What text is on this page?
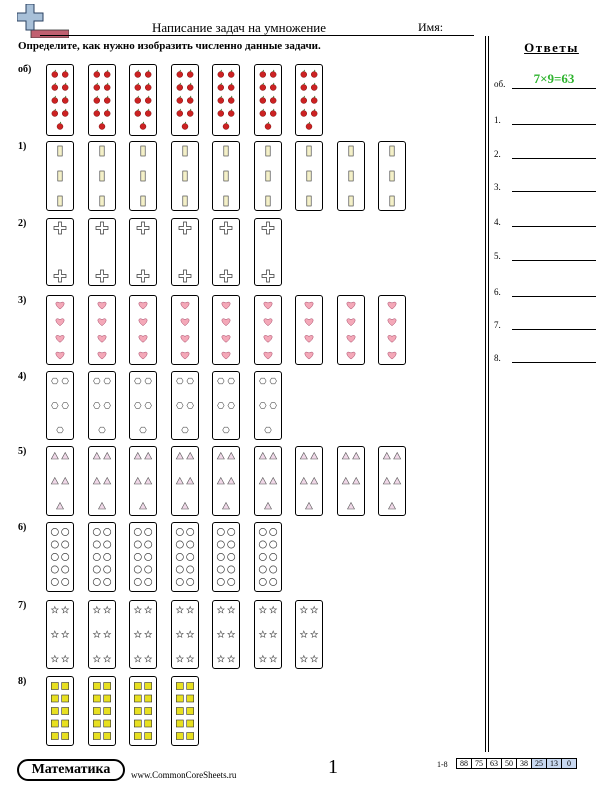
Написание задач на умножение	Имя:
Определите, как нужно изобразить численно данные задачи.	Ответы
об.	7×9=63
1.
2.
3.
4.
5.
6.
7.
8.
об)
1)
2)
3)
4)
5)
6)
7)
8)
Математика	www.CommonCoreSheets.ru	1	1-8 88	75	63	50	38	25	13	0
